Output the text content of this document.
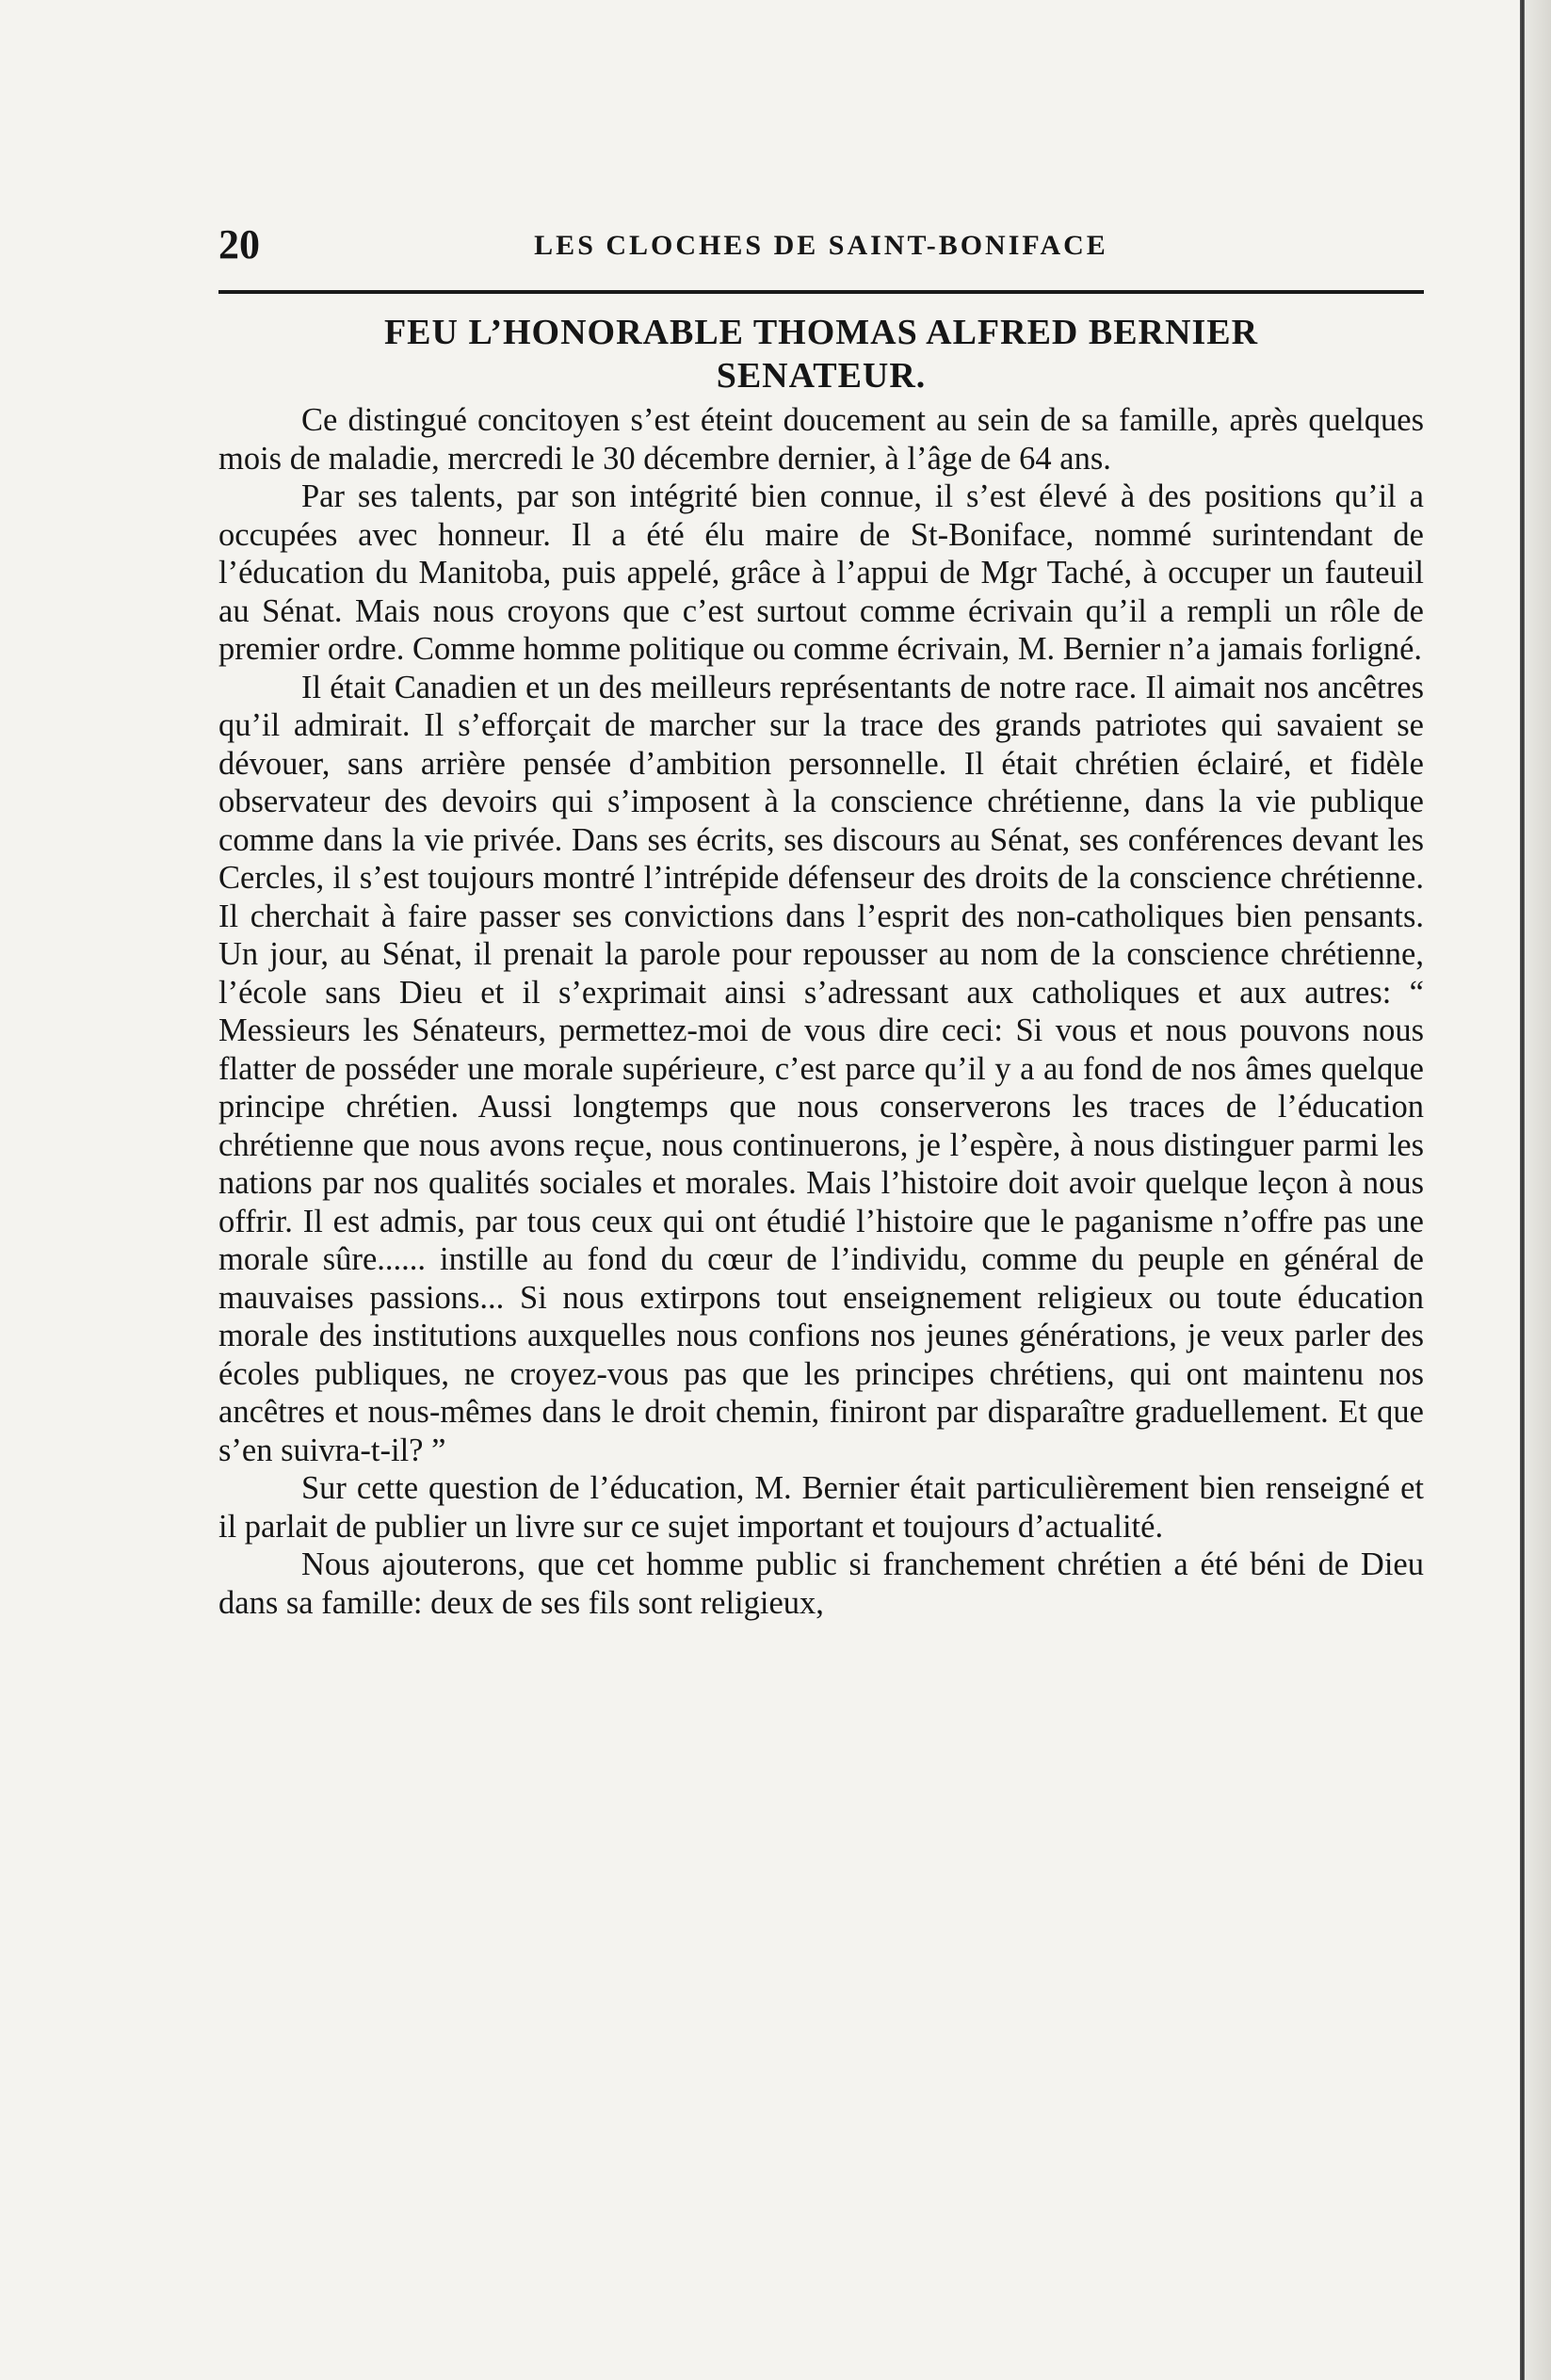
20	LES CLOCHES DE SAINT-BONIFACE
FEU L’HONORABLE THOMAS ALFRED BERNIER
SENATEUR.

Ce distingué concitoyen s’est éteint doucement au sein de sa famille, après quelques mois de maladie, mercredi le 30 décembre dernier, à l’âge de 64 ans.

Par ses talents, par son intégrité bien connue, il s’est élevé à des positions qu’il a occupées avec honneur. Il a été élu maire de St-Boniface, nommé surintendant de l’éducation du Manitoba, puis appelé, grâce à l’appui de Mgr Taché, à occuper un fauteuil au Sénat. Mais nous croyons que c’est surtout comme écrivain qu’il a rempli un rôle de premier ordre. Comme homme politique ou comme écrivain, M. Bernier n’a jamais forligné.

Il était Canadien et un des meilleurs représentants de notre race. Il aimait nos ancêtres qu’il admirait. Il s’efforçait de marcher sur la trace des grands patriotes qui savaient se dévouer, sans arrière pensée d’ambition personnelle. Il était chrétien éclairé, et fidèle observateur des devoirs qui s’imposent à la conscience chrétienne, dans la vie publique comme dans la vie privée. Dans ses écrits, ses discours au Sénat, ses conférences devant les Cercles, il s’est toujours montré l’intrépide défenseur des droits de la conscience chrétienne. Il cherchait à faire passer ses convictions dans l’esprit des non-catholiques bien pensants. Un jour, au Sénat, il prenait la parole pour repousser au nom de la conscience chrétienne, l’école sans Dieu et il s’exprimait ainsi s’adressant aux catholiques et aux autres: “ Messieurs les Sénateurs, permettez-moi de vous dire ceci: Si vous et nous pouvons nous flatter de posséder une morale supérieure, c’est parce qu’il y a au fond de nos âmes quelque principe chrétien. Aussi longtemps que nous conserverons les traces de l’éducation chrétienne que nous avons reçue, nous continuerons, je l’espère, à nous distinguer parmi les nations par nos qualités sociales et morales. Mais l’histoire doit avoir quelque leçon à nous offrir. Il est admis, par tous ceux qui ont étudié l’histoire que le paganisme n’offre pas une morale sûre...... instille au fond du cœur de l’individu, comme du peuple en général de mauvaises passions... Si nous extirpons tout enseignement religieux ou toute éducation morale des institutions auxquelles nous confions nos jeunes générations, je veux parler des écoles publiques, ne croyez-vous pas que les principes chrétiens, qui ont maintenu nos ancêtres et nous-mêmes dans le droit chemin, finiront par disparaître graduellement. Et que s’en suivra-t-il? ”

Sur cette question de l’éducation, M. Bernier était particulièrement bien renseigné et il parlait de publier un livre sur ce sujet important et toujours d’actualité.

Nous ajouterons, que cet homme public si franchement chrétien a été béni de Dieu dans sa famille: deux de ses fils sont religieux,
